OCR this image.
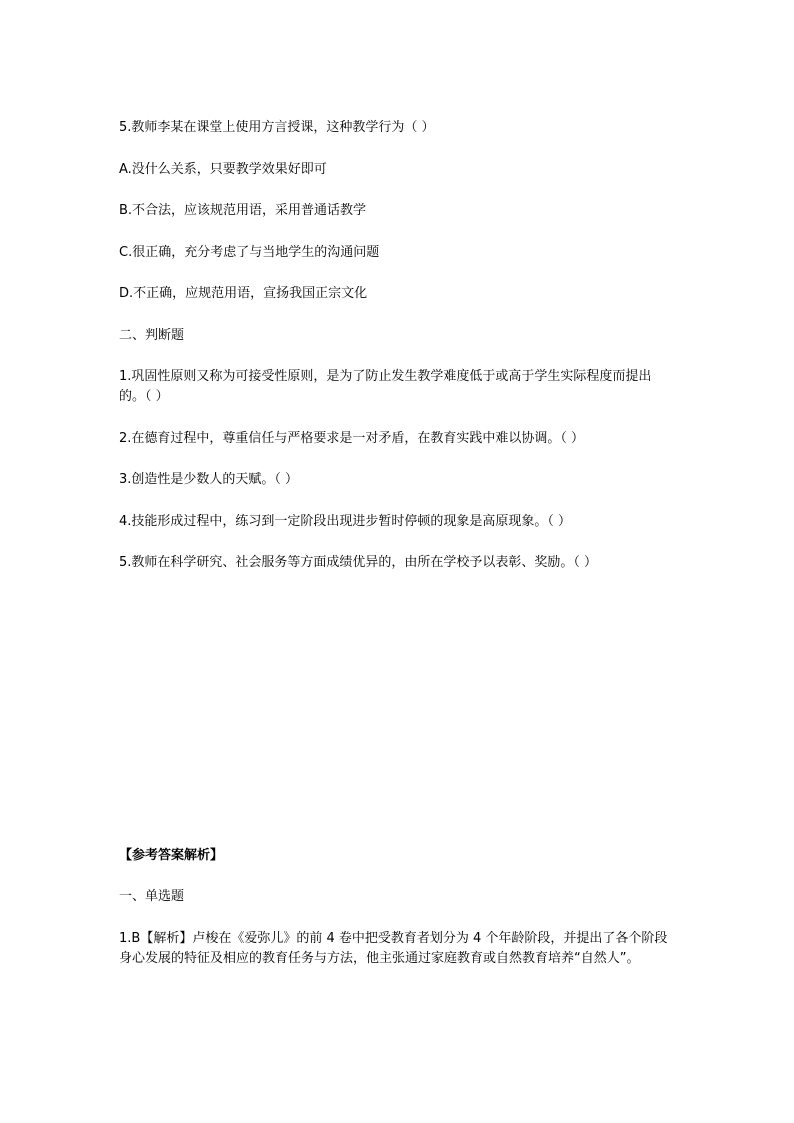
5.教师李某在课堂上使用方言授课，这种教学行为（ ）
A.没什么关系，只要教学效果好即可
B.不合法，应该规范用语，采用普通话教学
C.很正确，充分考虑了与当地学生的沟通问题
D.不正确，应规范用语，宣扬我国正宗文化
二、判断题
1.巩固性原则又称为可接受性原则，是为了防止发生教学难度低于或高于学生实际程度而提出的。（ ）
2.在德育过程中，尊重信任与严格要求是一对矛盾，在教育实践中难以协调。（ ）
3.创造性是少数人的天赋。（ ）
4.技能形成过程中，练习到一定阶段出现进步暂时停顿的现象是高原现象。（ ）
5.教师在科学研究、社会服务等方面成绩优异的，由所在学校予以表彰、奖励。（ ）
【参考答案解析】
一、单选题
1.B【解析】卢梭在《爱弥儿》的前 4 卷中把受教育者划分为 4 个年龄阶段，并提出了各个阶段身心发展的特征及相应的教育任务与方法，他主张通过家庭教育或自然教育培养“自然人”。
